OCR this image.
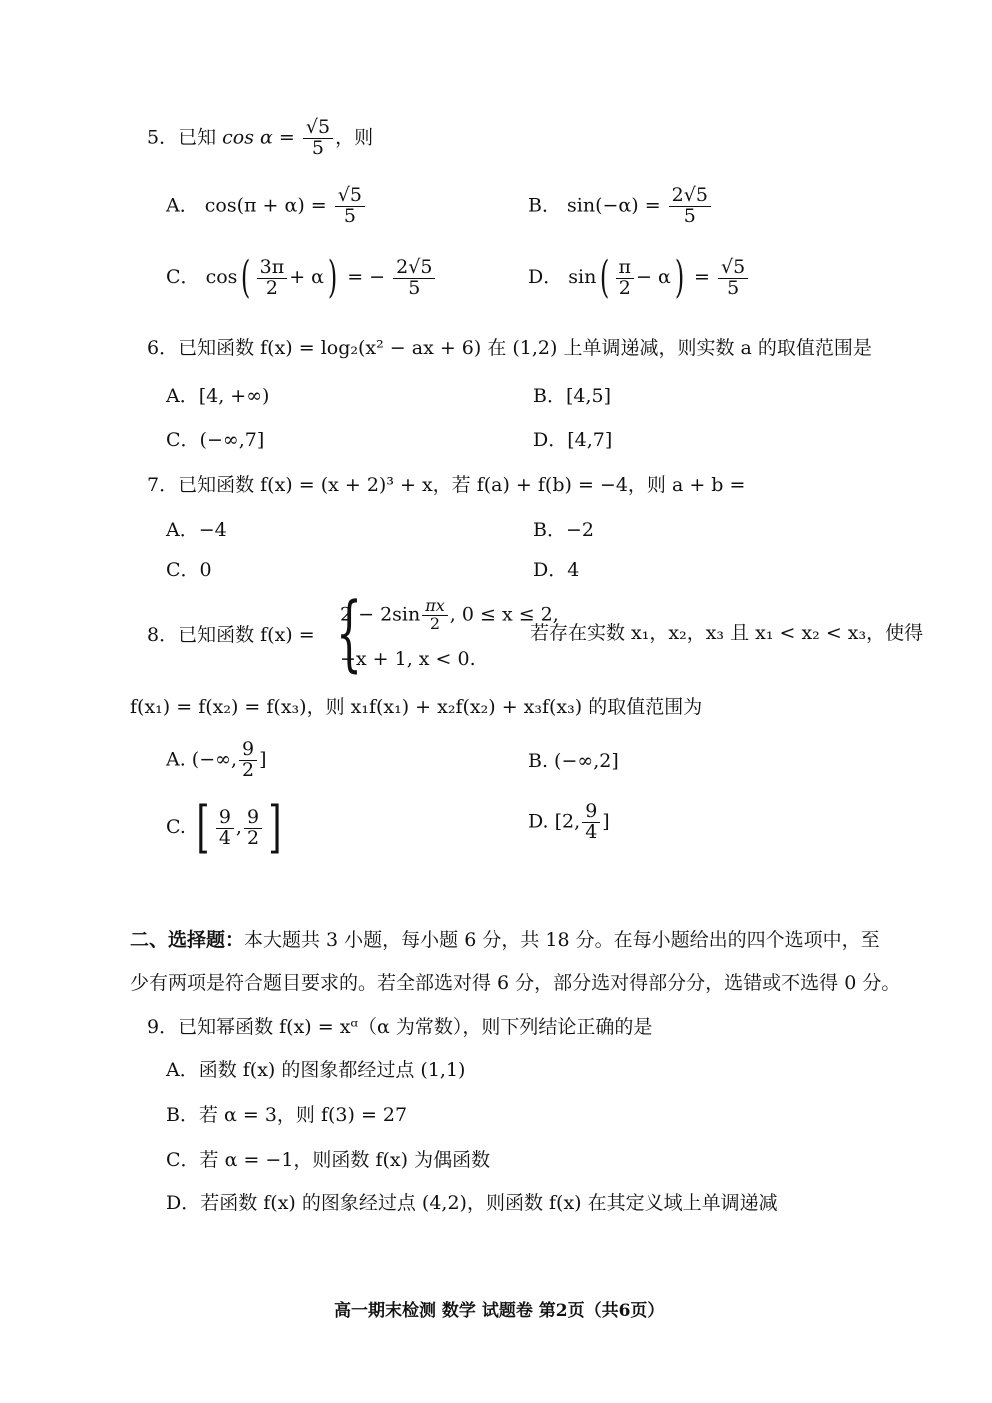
5．已知 $\cos \alpha = \frac{√5}{5}$ ，则
A． $\cos(\pi + \alpha) = \frac{√5}{5}$	B． $\sin(-\alpha) = \frac{2√5}{5}$
C． $\cos( \frac{3\pi}{2} + \alpha)$ = − $\frac{2√5}{5}$	D． $\sin( \frac{\pi}{2} - \alpha) = \frac{√5}{5}$
6．已知函数 f(x) = log₂(x² − ax + 6) 在 (1,2) 上单调递减，则实数 a 的取值范围是
A．[4, +∞)	B．[4,5]
C．(−∞,7]	D．[4,7]
7．已知函数 f(x) = (x + 2)³ + x，若 f(a) + f(b) = −4，则 a + b =
A．−4	B．−2
C．0	D．4
8．已知函数 f(x) = {
$2 - 2\sin \frac{\pi x}{2}$ , 0 ≤ x ≤ 2,
−x + 1, x < 0.
若存在实数 x₁，x₂，x₃ 且 x₁ < x₂ < x₃，使得
f(x₁) = f(x₂) = f(x₃)，则 x₁f(x₁) + x₂f(x₂) + x₃f(x₃) 的取值范围为
A. (−∞, $\frac{9}{2}$ ]	B. (−∞,2]
C. [ $\frac{9}{4}$ , $\frac{9}{2}$ ]	D. [2, $\frac{9}{4}$ ]
二、选择题：本大题共 3 小题，每小题 6 分，共 18 分。在每小题给出的四个选项中，至
少有两项是符合题目要求的。若全部选对得 6 分，部分选对得部分分，选错或不选得 0 分。
9．已知幂函数 f(x) = xᵅ（α 为常数），则下列结论正确的是
A．函数 f(x) 的图象都经过点 (1,1)
B．若 α = 3，则 f(3) = 27
C．若 α = −1，则函数 f(x) 为偶函数
D．若函数 f(x) 的图象经过点 (4,2)，则函数 f(x) 在其定义域上单调递减
高一期末检测 数学 试题卷 第2页（共6页）
